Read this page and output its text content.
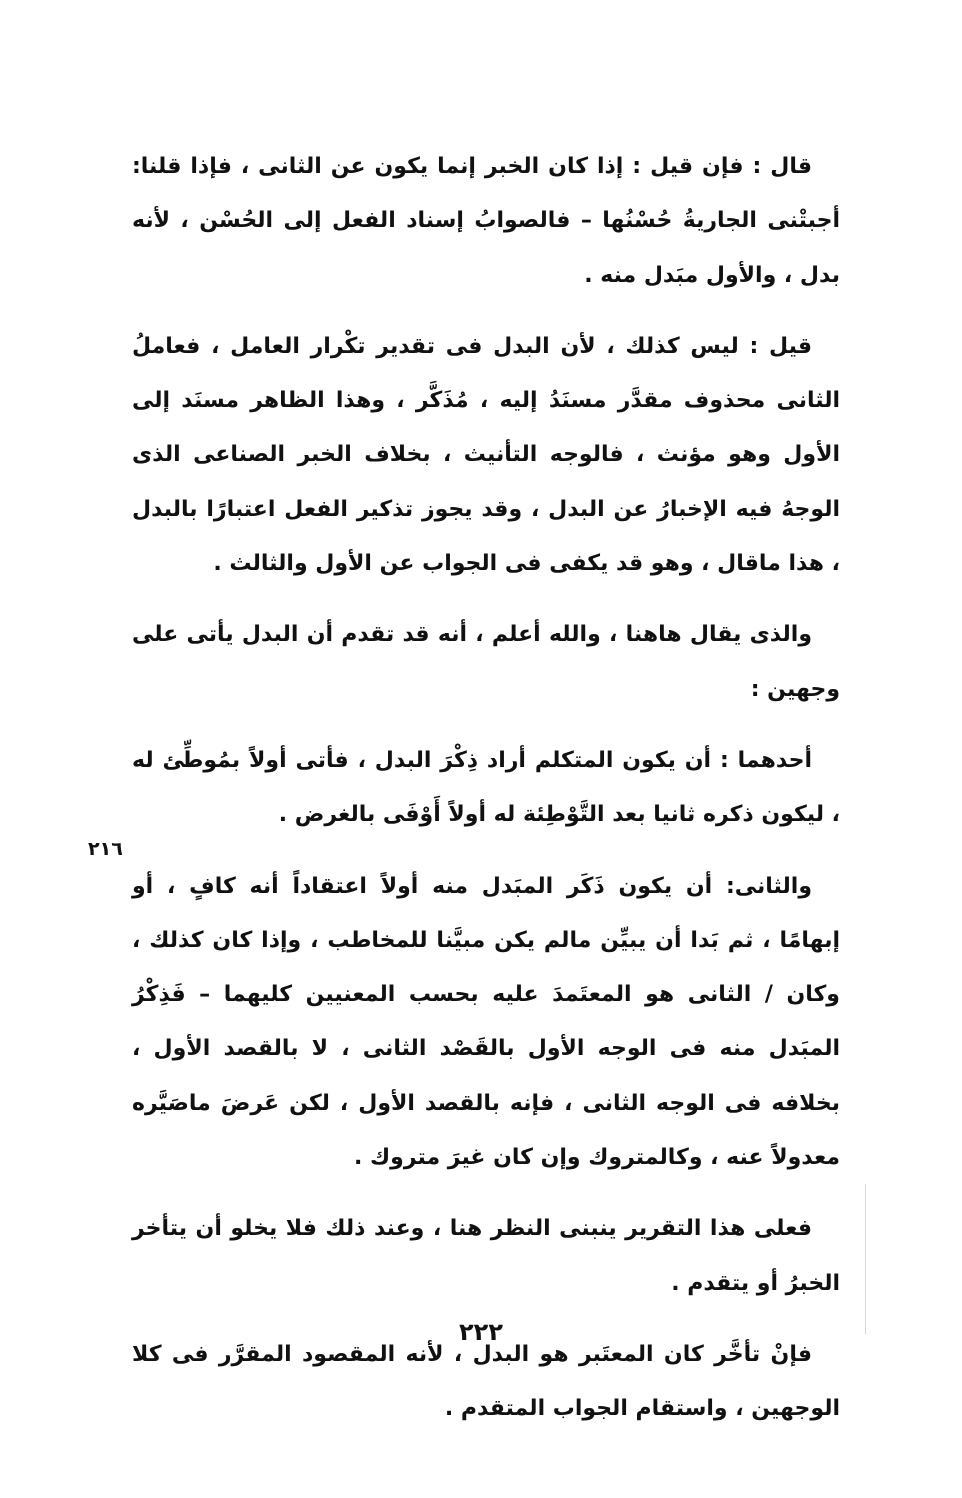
قال : فإن قيل : إذا كان الخبر إنما يكون عن الثانى ، فإذا قلنا: أجبتْنى الجاريةُ حُسْنُها – فالصوابُ إسناد الفعل إلى الحُسْن ، لأنه بدل ، والأول مبَدل منه .

قيل : ليس كذلك ، لأن البدل فى تقدير تكْرار العامل ، فعاملُ الثانى محذوف مقدَّر مسنَدُ إليه ، مُذَكَّر ، وهذا الظاهر مسنَد إلى الأول وهو مؤنث ، فالوجه التأنيث ، بخلاف الخبر الصناعى الذى الوجهُ فيه الإخبارُ عن البدل ، وقد يجوز تذكير الفعل اعتبارًا بالبدل ، هذا ماقال ، وهو قد يكفى فى الجواب عن الأول والثالث .

والذى يقال هاهنا ، والله أعلم ، أنه قد تقدم أن البدل يأتى على وجهين :

أحدهما : أن يكون المتكلم أراد ذِكْرَ البدل ، فأتى أولاً بمُوطِّئ له ، ليكون ذكره ثانيا بعد التَّوْطِئة له أولاً أَوْفَى بالغرض .

والثانى: أن يكون ذَكَر المبَدل منه أولاً اعتقاداً أنه كافٍ ، أو إبهامًا ، ثم بَدا أن يبيِّن مالم يكن مبيَّنا للمخاطب ، وإذا كان كذلك ، وكان / الثانى هو المعتَمدَ عليه بحسب المعنيين كليهما – فَذِكْرُ المبَدل منه فى الوجه الأول بالقَصْد الثانى ، لا بالقصد الأول ، بخلافه فى الوجه الثانى ، فإنه بالقصد الأول ، لكن عَرضَ ماصَيَّره معدولاً عنه ، وكالمتروك وإن كان غيرَ متروك .

فعلى هذا التقرير ينبنى النظر هنا ، وعند ذلك فلا يخلو أن يتأخر الخبرُ أو يتقدم .

فإنْ تأخَّر كان المعتَبر هو البدل ، لأنه المقصود المقرَّر فى كلا الوجهين ، واستقام الجواب المتقدم .

٢١٦
٢٢٢
